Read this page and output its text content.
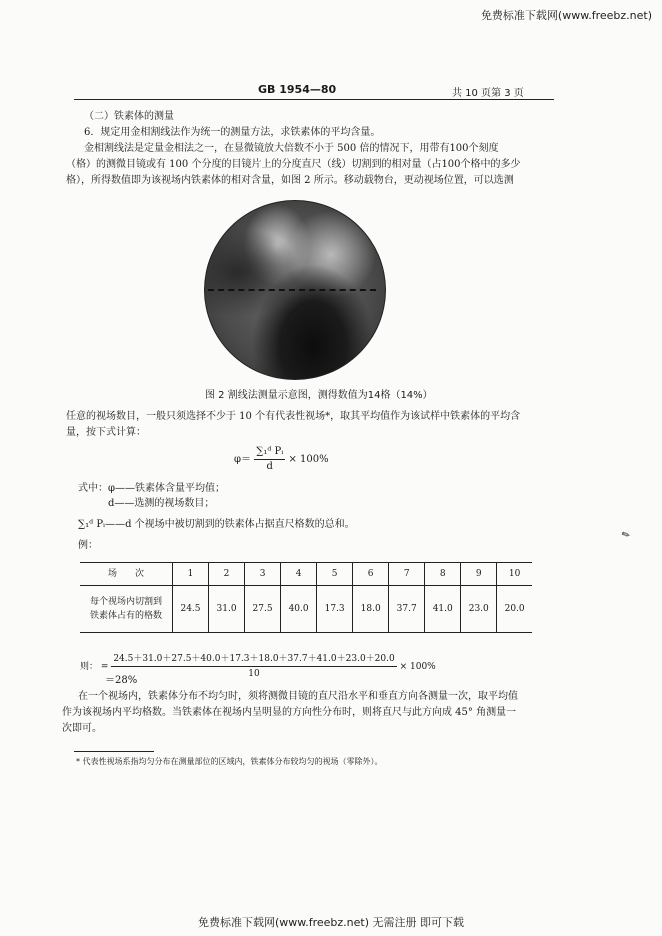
免费标准下载网(www.freebz.net)
GB 1954—80	共 10 页第 3 页
（二）铁素体的测量
6．规定用金相割线法作为统一的测量方法，求铁素体的平均含量。
金相割线法是定量金相法之一，在显微镜放大倍数不小于 500 倍的情况下，用带有100个刻度
（格）的测微目镜或有 100 个分度的目镜片上的分度直尺（线）切割到的相对量（占100个格中的多少
格），所得数值即为该视场内铁素体的相对含量，如图 2 所示。移动载物台，更动视场位置，可以选测
图 2 割线法测量示意图，测得数值为14格（14%）
任意的视场数目，一般只须选择不少于 10 个有代表性视场*，取其平均值作为该试样中铁素体的平均含
量，按下式计算：
$\varphi= \frac{\text{∑₁ᵈ Pᵢ}}{d} \times 100\%$
式中： φ——铁素体含量平均值；
d——选测的视场数目；
∑₁ᵈ Pᵢ——d 个视场中被切割到的铁素体占据直尺格数的总和。
例：
✎
场　　次	1	2	3	4	5	6	7	8	9	10

每个视场内切割到
铁素体占有的格数	24.5	31.0	27.5	40.0	17.3	18.0	37.7	41.0	23.0	20.0
则： = $\frac{24.5+31.0+27.5+40.0+17.3+18.0+37.7+41.0+23.0+20.0}{10} \times 100\%$
＝28%
在一个视场内，铁素体分布不均匀时，须将测微目镜的直尺沿水平和垂直方向各测量一次，取平均值
作为该视场内平均格数。当铁素体在视场内呈明显的方向性分布时，则将直尺与此方向成 45° 角测量一
次即可。
* 代表性视场系指均匀分布在测量部位的区域内，铁素体分布较均匀的视场（零除外）。
免费标准下载网(www.freebz.net) 无需注册 即可下载
